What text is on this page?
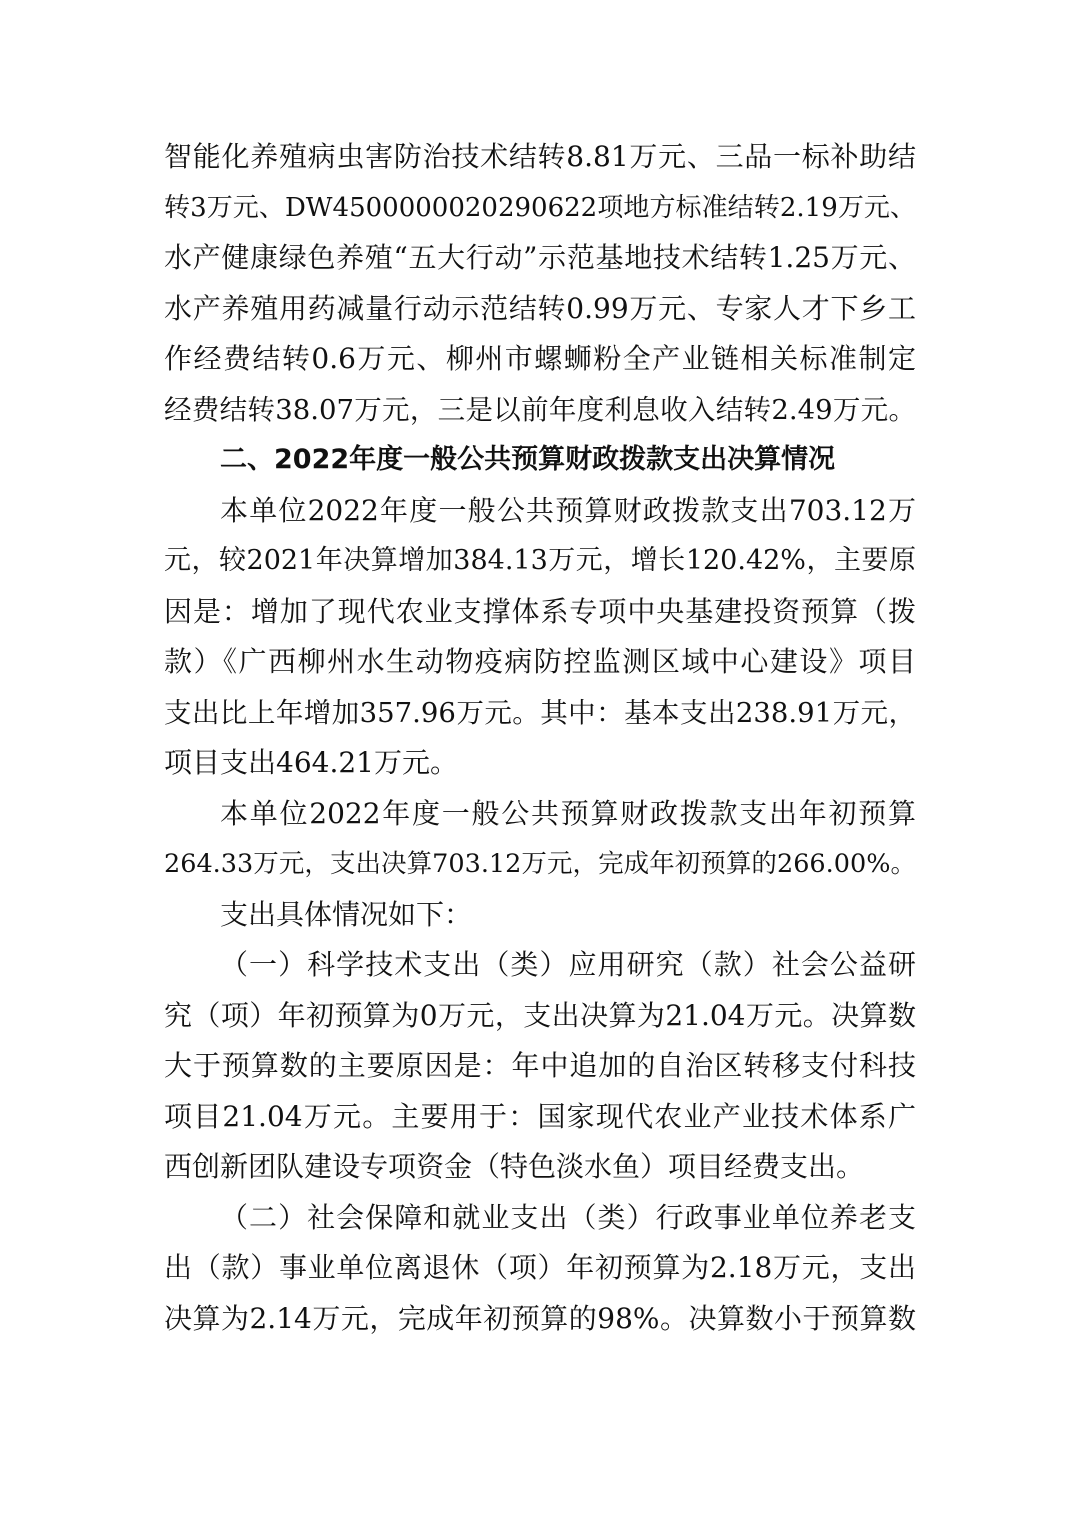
智能化养殖病虫害防治技术结转8.81万元、三品一标补助结
转3万元、DW4500000020290622项地方标准结转2.19万元、
水产健康绿色养殖“五大行动”示范基地技术结转1.25万元、
水产养殖用药减量行动示范结转0.99万元、专家人才下乡工
作经费结转0.6万元、柳州市螺蛳粉全产业链相关标准制定
经费结转38.07万元，三是以前年度利息收入结转2.49万元。
二、2022年度一般公共预算财政拨款支出决算情况
本单位2022年度一般公共预算财政拨款支出703.12万
元，较2021年决算增加384.13万元，增长120.42%，主要原
因是：增加了现代农业支撑体系专项中央基建投资预算（拨
款）《广西柳州水生动物疫病防控监测区域中心建设》项目
支出比上年增加357.96万元。其中：基本支出238.91万元，
项目支出464.21万元。
本单位2022年度一般公共预算财政拨款支出年初预算
264.33万元，支出决算703.12万元，完成年初预算的266.00%。
支出具体情况如下：
（一）科学技术支出（类）应用研究（款）社会公益研
究（项）年初预算为0万元，支出决算为21.04万元。决算数
大于预算数的主要原因是：年中追加的自治区转移支付科技
项目21.04万元。主要用于：国家现代农业产业技术体系广
西创新团队建设专项资金（特色淡水鱼）项目经费支出。
（二）社会保障和就业支出（类）行政事业单位养老支
出（款）事业单位离退休（项）年初预算为2.18万元，支出
决算为2.14万元，完成年初预算的98%。决算数小于预算数
